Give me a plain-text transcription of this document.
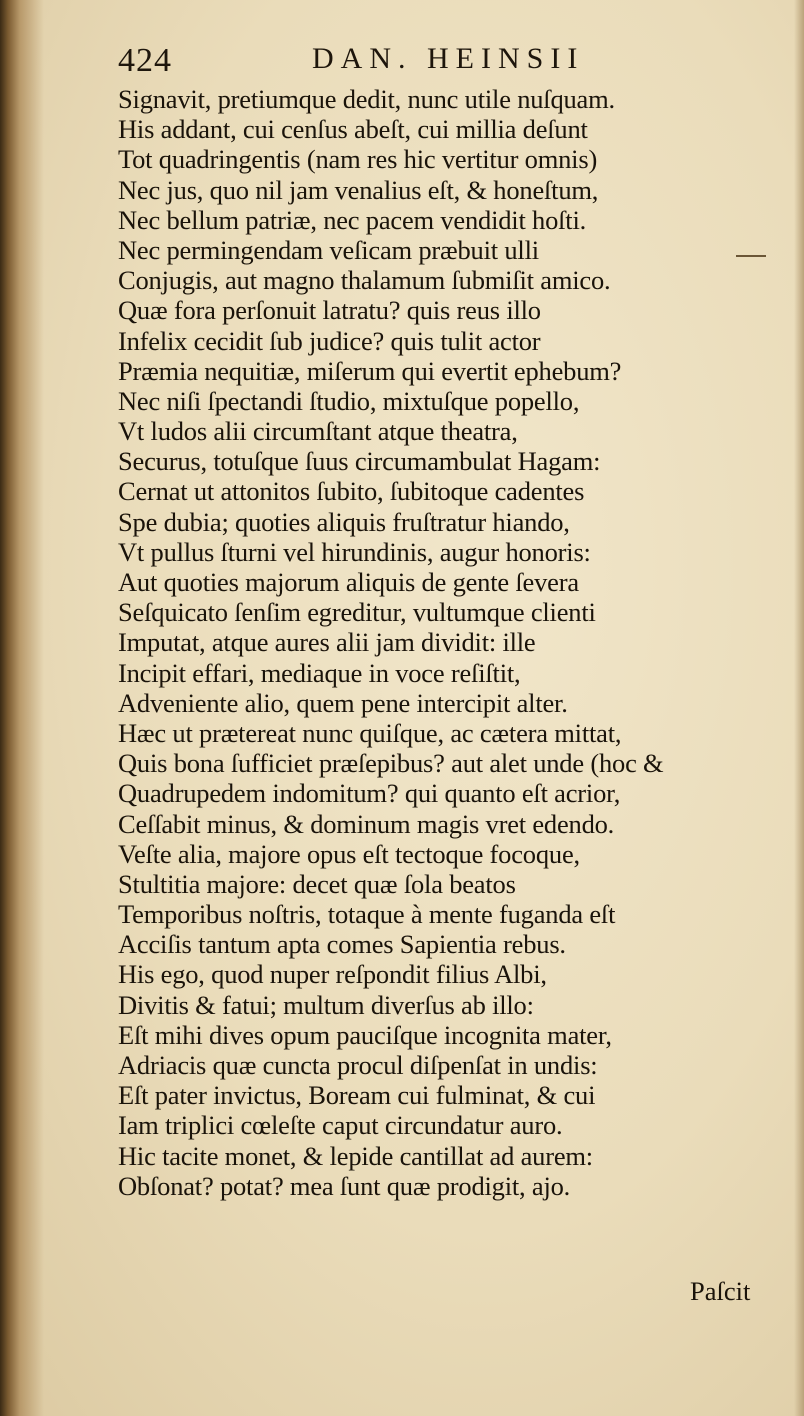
424	DAN. HEINSII
Signavit, pretiumque dedit, nunc utile nuſquam.
His addant, cui cenſus abeſt, cui millia deſunt
Tot quadringentis (nam res hic vertitur omnis)
Nec jus, quo nil jam venalius eſt, & honeſtum,
Nec bellum patriæ, nec pacem vendidit hoſti.
Nec permingendam veſicam præbuit ulli
Conjugis, aut magno thalamum ſubmiſit amico.
Quæ fora perſonuit latratu? quis reus illo
Infelix cecidit ſub judice? quis tulit actor
Præmia nequitiæ, miſerum qui evertit ephebum?
Nec niſi ſpectandi ſtudio, mixtuſque popello,
Vt ludos alii circumſtant atque theatra,
Securus, totuſque ſuus circumambulat Hagam:
Cernat ut attonitos ſubito, ſubitoque cadentes
Spe dubia; quoties aliquis fruſtratur hiando,
Vt pullus ſturni vel hirundinis, augur honoris:
Aut quoties majorum aliquis de gente ſevera
Seſquicato ſenſim egreditur, vultumque clienti
Imputat, atque aures alii jam dividit: ille
Incipit effari, mediaque in voce reſiſtit,
Adveniente alio, quem pene intercipit alter.
Hæc ut prætereat nunc quiſque, ac cætera mittat,
Quis bona ſufficiet præſepibus? aut alet unde (hoc &
Quadrupedem indomitum? qui quanto eſt acrior,
Ceſſabit minus, & dominum magis vret edendo.
Veſte alia, majore opus eſt tectoque focoque,
Stultitia majore: decet quæ ſola beatos
Temporibus noſtris, totaque à mente fuganda eſt
Acciſis tantum apta comes Sapientia rebus.
His ego, quod nuper reſpondit filius Albi,
Divitis & fatui; multum diverſus ab illo:
Eſt mihi dives opum pauciſque incognita mater,
Adriacis quæ cuncta procul diſpenſat in undis:
Eſt pater invictus, Boream cui fulminat, & cui
Iam triplici cœleſte caput circundatur auro.
Hic tacite monet, & lepide cantillat ad aurem:
Obſonat? potat? mea ſunt quæ prodigit, ajo.
Paſcit
